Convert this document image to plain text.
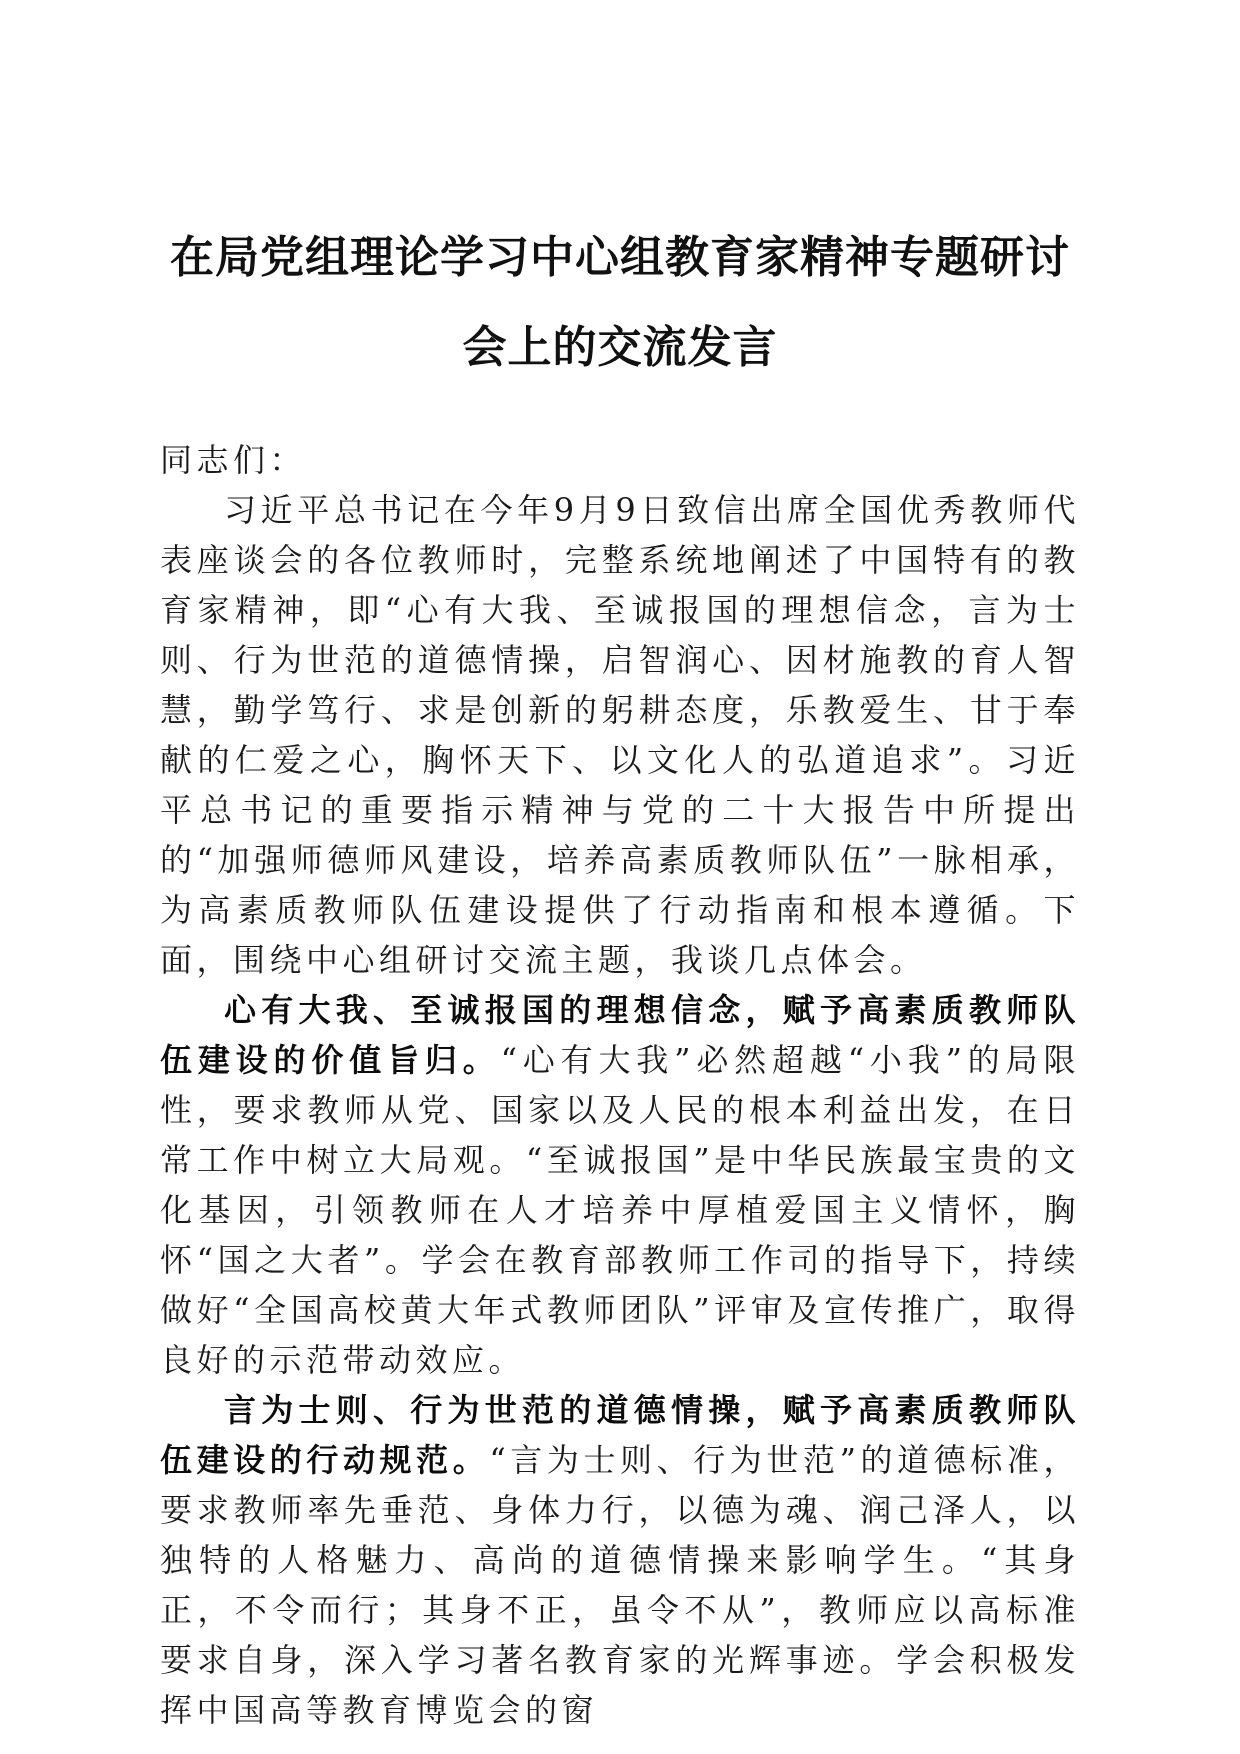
在局党组理论学习中心组教育家精神专题研讨
会上的交流发言

同志们：

习近平总书记在今年9月9日致信出席全国优秀教师代表座谈会的各位教师时，完整系统地阐述了中国特有的教育家精神，即“心有大我、至诚报国的理想信念，言为士则、行为世范的道德情操，启智润心、因材施教的育人智慧，勤学笃行、求是创新的躬耕态度，乐教爱生、甘于奉献的仁爱之心，胸怀天下、以文化人的弘道追求”。习近平总书记的重要指示精神与党的二十大报告中所提出的“加强师德师风建设，培养高素质教师队伍”一脉相承，为高素质教师队伍建设提供了行动指南和根本遵循。下面，围绕中心组研讨交流主题，我谈几点体会。

心有大我、至诚报国的理想信念，赋予高素质教师队伍建设的价值旨归。“心有大我”必然超越“小我”的局限性，要求教师从党、国家以及人民的根本利益出发，在日常工作中树立大局观。“至诚报国”是中华民族最宝贵的文化基因，引领教师在人才培养中厚植爱国主义情怀，胸怀“国之大者”。学会在教育部教师工作司的指导下，持续做好“全国高校黄大年式教师团队”评审及宣传推广，取得良好的示范带动效应。

言为士则、行为世范的道德情操，赋予高素质教师队伍建设的行动规范。“言为士则、行为世范”的道德标准，要求教师率先垂范、身体力行，以德为魂、润己泽人，以独特的人格魅力、高尚的道德情操来影响学生。“其身正，不令而行；其身不正，虽令不从”，教师应以高标准要求自身，深入学习著名教育家的光辉事迹。学会积极发挥中国高等教育博览会的窗
